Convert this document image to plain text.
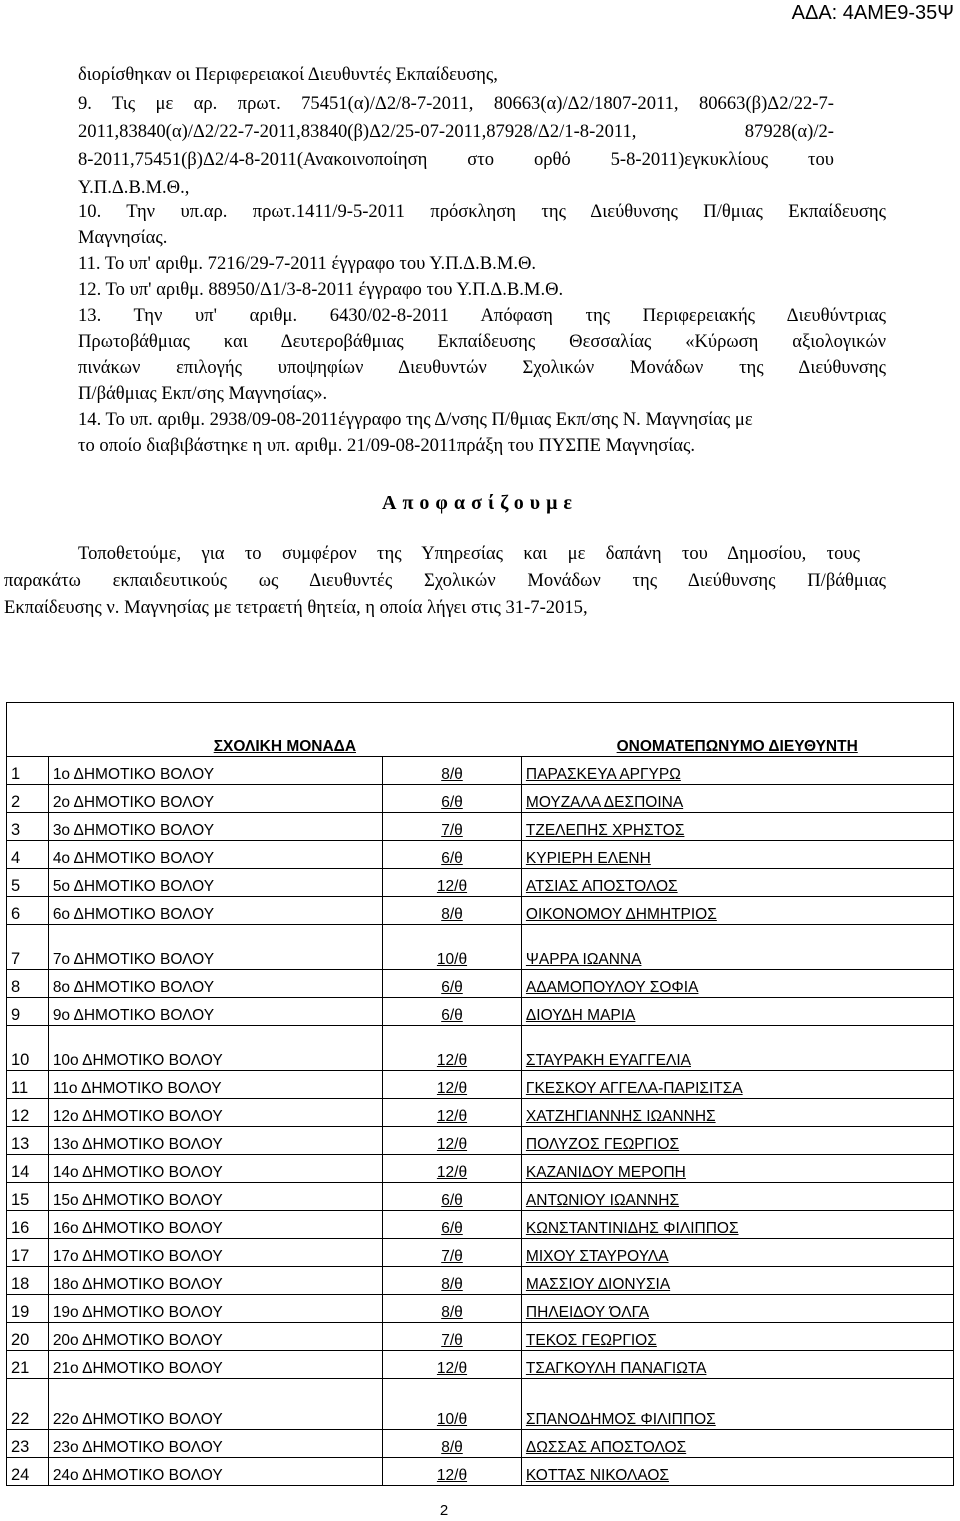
ΑΔΑ: 4ΑΜΕ9-35Ψ
διορίσθηκαν οι Περιφερειακοί Διευθυντές Εκπαίδευσης,
9. Τις με αρ. πρωτ. 75451(α)/Δ2/8-7-2011, 80663(α)/Δ2/1807-2011, 80663(β)Δ2/22-7-
2011,83840(α)/Δ2/22-7-2011,83840(β)Δ2/25-07-2011,87928/Δ2/1-8-2011, 87928(α)/2-
8-2011,75451(β)Δ2/4-8-2011(Ανακοινοποίηση στο ορθό 5-8-2011)εγκυκλίους του
Υ.Π.Δ.Β.Μ.Θ.,
10. Την υπ.αρ. πρωτ.1411/9-5-2011 πρόσκληση της Διεύθυνσης Π/θμιας Εκπαίδευσης
Μαγνησίας.
11. Το υπ' αριθμ. 7216/29-7-2011 έγγραφο του Υ.Π.Δ.Β.Μ.Θ.
12. Το υπ' αριθμ. 88950/Δ1/3-8-2011 έγγραφο του Υ.Π.Δ.Β.Μ.Θ.
13. Την υπ' αριθμ. 6430/02-8-2011 Απόφαση της Περιφερειακής Διευθύντριας
Πρωτοβάθμιας και Δευτεροβάθμιας Εκπαίδευσης Θεσσαλίας «Κύρωση αξιολογικών
πινάκων επιλογής υποψηφίων Διευθυντών Σχολικών Μονάδων της Διεύθυνσης
Π/βάθμιας Εκπ/σης Μαγνησίας».
14. Το υπ. αριθμ. 2938/09-08-2011έγγραφο της Δ/νσης Π/θμιας Εκπ/σης Ν. Μαγνησίας με
το οποίο διαβιβάστηκε η υπ. αριθμ. 21/09-08-2011πράξη του ΠΥΣΠΕ Μαγνησίας.
Τοποθετούμε, για το συμφέρον της Υπηρεσίας και με δαπάνη του Δημοσίου, τους
παρακάτω εκπαιδευτικούς ως Διευθυντές Σχολικών Μονάδων της Διεύθυνσης Π/βάθμιας
Εκπαίδευσης ν. Μαγνησίας με τετραετή θητεία, η οποία λήγει στις 31-7-2015,
Αποφασίζουμε

	ΣΧΟΛΙΚΗ ΜΟΝΑΔΑ		ΟΝΟΜΑΤΕΠΩΝΥΜΟ ΔΙΕΥΘΥΝΤΗ
1	1ο ΔΗΜΟΤΙΚΟ ΒΟΛΟΥ	8/θ	ΠΑΡΑΣΚΕΥΑ ΑΡΓΥΡΩ
2	2ο ΔΗΜΟΤΙΚΟ ΒΟΛΟΥ	6/θ	ΜΟΥΖΑΛΑ ΔΕΣΠΟΙΝΑ
3	3ο ΔΗΜΟΤΙΚΟ ΒΟΛΟΥ	7/θ	ΤΖΕΛΕΠΗΣ ΧΡΗΣΤΟΣ
4	4ο ΔΗΜΟΤΙΚΟ ΒΟΛΟΥ	6/θ	ΚΥΡΙΕΡΗ ΕΛΕΝΗ
5	5ο ΔΗΜΟΤΙΚΟ ΒΟΛΟΥ	12/θ	ΑΤΣΙΑΣ ΑΠΟΣΤΟΛΟΣ
6	6ο ΔΗΜΟΤΙΚΟ ΒΟΛΟΥ	8/θ	ΟΙΚΟΝΟΜΟΥ ΔΗΜΗΤΡΙΟΣ
7	7ο ΔΗΜΟΤΙΚΟ ΒΟΛΟΥ	10/θ	ΨΑΡΡΑ ΙΩΑΝΝΑ
8	8ο ΔΗΜΟΤΙΚΟ ΒΟΛΟΥ	6/θ	ΑΔΑΜΟΠΟΥΛΟΥ ΣΟΦΙΑ
9	9ο ΔΗΜΟΤΙΚΟ ΒΟΛΟΥ	6/θ	ΔΙΟΥΔΗ ΜΑΡΙΑ
10	10ο ΔΗΜΟΤΙΚΟ ΒΟΛΟΥ	12/θ	ΣΤΑΥΡΑΚΗ ΕΥΑΓΓΕΛΙΑ
11	11ο ΔΗΜΟΤΙΚΟ ΒΟΛΟΥ	12/θ	ΓΚΕΣΚΟΥ ΑΓΓΕΛΑ-ΠΑΡΙΣΙΤΣΑ
12	12ο ΔΗΜΟΤΙΚΟ ΒΟΛΟΥ	12/θ	ΧΑΤΖΗΓΙΑΝΝΗΣ ΙΩΑΝΝΗΣ
13	13ο ΔΗΜΟΤΙΚΟ ΒΟΛΟΥ	12/θ	ΠΟΛΥΖΟΣ ΓΕΩΡΓΙΟΣ
14	14ο ΔΗΜΟΤΙΚΟ ΒΟΛΟΥ	12/θ	ΚΑΖΑΝΙΔΟΥ ΜΕΡΟΠΗ
15	15ο ΔΗΜΟΤΙΚΟ ΒΟΛΟΥ	6/θ	ΑΝΤΩΝΙΟΥ ΙΩΑΝΝΗΣ
16	16ο ΔΗΜΟΤΙΚΟ ΒΟΛΟΥ	6/θ	ΚΩΝΣΤΑΝΤΙΝΙΔΗΣ ΦΙΛΙΠΠΟΣ
17	17ο ΔΗΜΟΤΙΚΟ ΒΟΛΟΥ	7/θ	ΜΙΧΟΥ ΣΤΑΥΡΟΥΛΑ
18	18ο ΔΗΜΟΤΙΚΟ ΒΟΛΟΥ	8/θ	ΜΑΣΣΙΟΥ ΔΙΟΝΥΣΙΑ
19	19ο ΔΗΜΟΤΙΚΟ ΒΟΛΟΥ	8/θ	ΠΗΛΕΙΔΟΥ ΌΛΓΑ
20	20ο ΔΗΜΟΤΙΚΟ ΒΟΛΟΥ	7/θ	ΤΕΚΟΣ ΓΕΩΡΓΙΟΣ
21	21ο ΔΗΜΟΤΙΚΟ ΒΟΛΟΥ	12/θ	ΤΣΑΓΚΟΥΛΗ ΠΑΝΑΓΙΩΤΑ
22	22ο ΔΗΜΟΤΙΚΟ ΒΟΛΟΥ	10/θ	ΣΠΑΝΟΔΗΜΟΣ ΦΙΛΙΠΠΟΣ
23	23ο ΔΗΜΟΤΙΚΟ ΒΟΛΟΥ	8/θ	ΔΩΣΣΑΣ ΑΠΟΣΤΟΛΟΣ
24	24ο ΔΗΜΟΤΙΚΟ ΒΟΛΟΥ	12/θ	ΚΟΤΤΑΣ ΝΙΚΟΛΑΟΣ
2
